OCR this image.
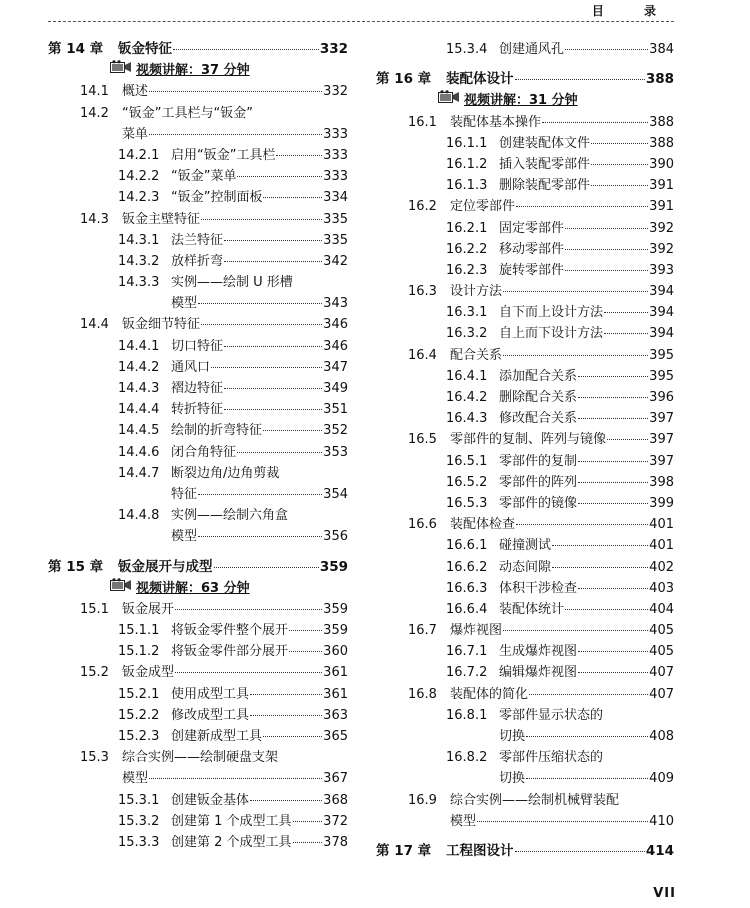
目 录
第 14 章	钣金特征	332
视频讲解：37 分钟
14.1	概述	332
14.2	“钣金”工具栏与“钣金”
菜单	333
14.2.1 启用“钣金”工具栏	333
14.2.2 “钣金”菜单	333
14.2.3 “钣金”控制面板	334
14.3	钣金主壁特征	335
14.3.1 法兰特征	335
14.3.2 放样折弯	342
14.3.3 实例——绘制 U 形槽
模型	343
14.4	钣金细节特征	346
14.4.1 切口特征	346
14.4.2 通风口	347
14.4.3 褶边特征	349
14.4.4 转折特征	351
14.4.5 绘制的折弯特征	352
14.4.6 闭合角特征	353
14.4.7 断裂边角/边角剪裁
特征	354
14.4.8 实例——绘制六角盒
模型	356
第 15 章	钣金展开与成型	359
视频讲解：63 分钟
15.1	钣金展开	359
15.1.1 将钣金零件整个展开	359
15.1.2 将钣金零件部分展开	360
15.2	钣金成型	361
15.2.1 使用成型工具	361
15.2.2 修改成型工具	363
15.2.3 创建新成型工具	365
15.3	综合实例——绘制硬盘支架
模型	367
15.3.1 创建钣金基体	368
15.3.2 创建第 1 个成型工具 372
15.3.3 创建第 2 个成型工具 378
15.3.4 创建通风孔	384
第 16 章	装配体设计	388
视频讲解：31 分钟
16.1	装配体基本操作	388
16.1.1 创建装配体文件	388
16.1.2 插入装配零部件	390
16.1.3 删除装配零部件	391
16.2	定位零部件	391
16.2.1 固定零部件	392
16.2.2 移动零部件	392
16.2.3 旋转零部件	393
16.3	设计方法	394
16.3.1 自下而上设计方法	394
16.3.2 自上而下设计方法	394
16.4	配合关系	395
16.4.1 添加配合关系	395
16.4.2 删除配合关系	396
16.4.3 修改配合关系	397
16.5	零部件的复制、阵列与镜像	397
16.5.1 零部件的复制	397
16.5.2 零部件的阵列	398
16.5.3 零部件的镜像	399
16.6	装配体检查	401
16.6.1 碰撞测试	401
16.6.2 动态间隙	402
16.6.3 体积干涉检查	403
16.6.4 装配体统计	404
16.7	爆炸视图	405
16.7.1 生成爆炸视图	405
16.7.2 编辑爆炸视图	407
16.8	装配体的简化	407
16.8.1 零部件显示状态的
切换	408
16.8.2 零部件压缩状态的
切换	409
16.9	综合实例——绘制机械臂装配
模型	410
第 17 章	工程图设计	414
VII
